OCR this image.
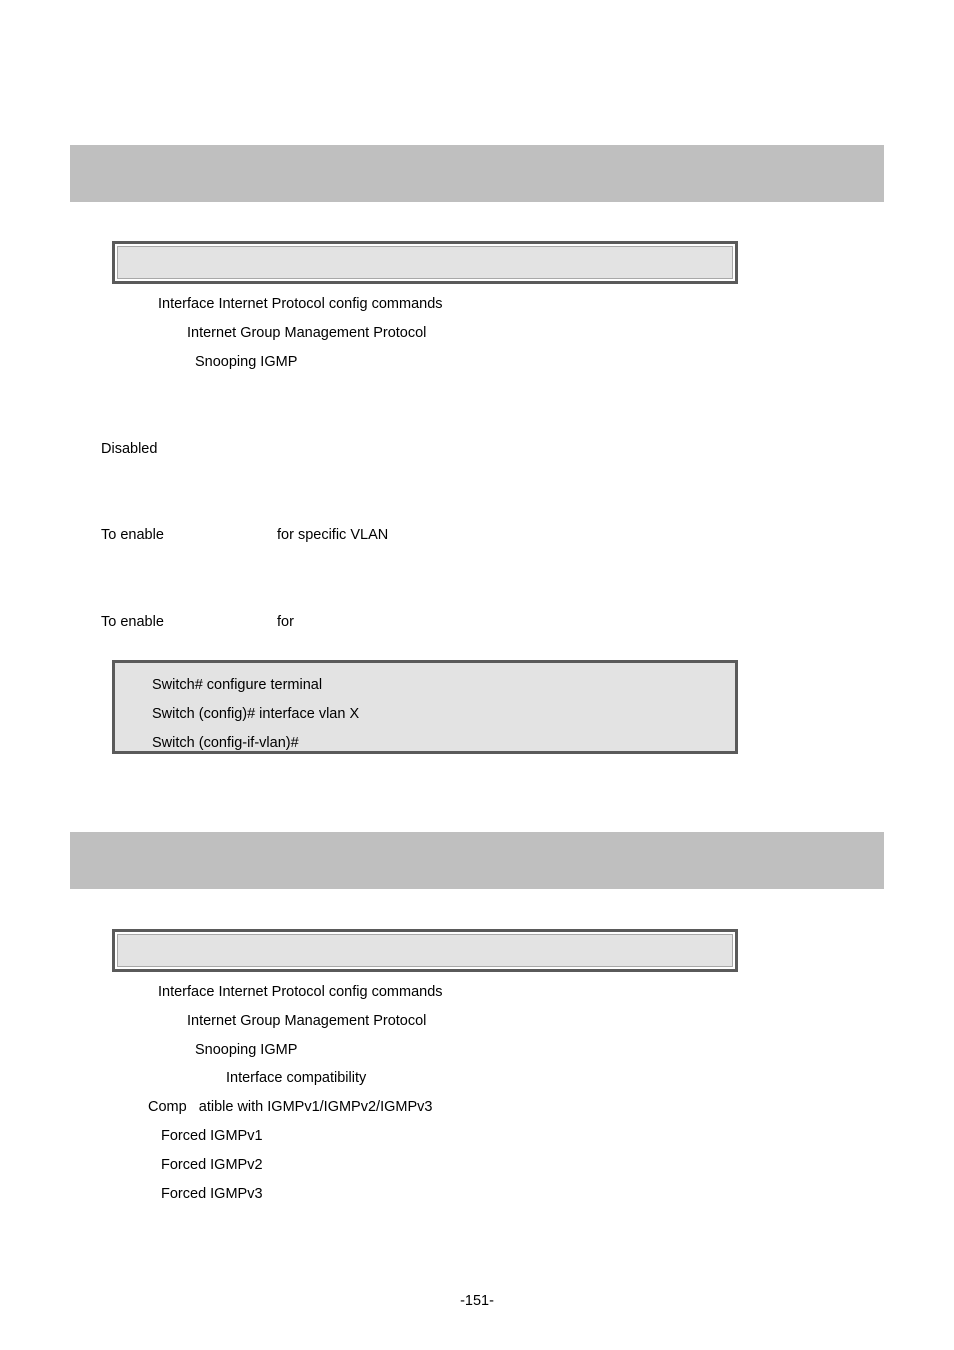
Interface Internet Protocol config commands
Internet Group Management Protocol
Snooping IGMP
Disabled
To enable	for specific VLAN
To enable	for
Switch# configure terminal
Switch (config)# interface vlan X
Switch (config-if-vlan)#
Interface Internet Protocol config commands
Internet Group Management Protocol
Snooping IGMP
Interface compatibility
Comp   atible with IGMPv1/IGMPv2/IGMPv3
Forced IGMPv1
Forced IGMPv2
Forced IGMPv3
-151-
